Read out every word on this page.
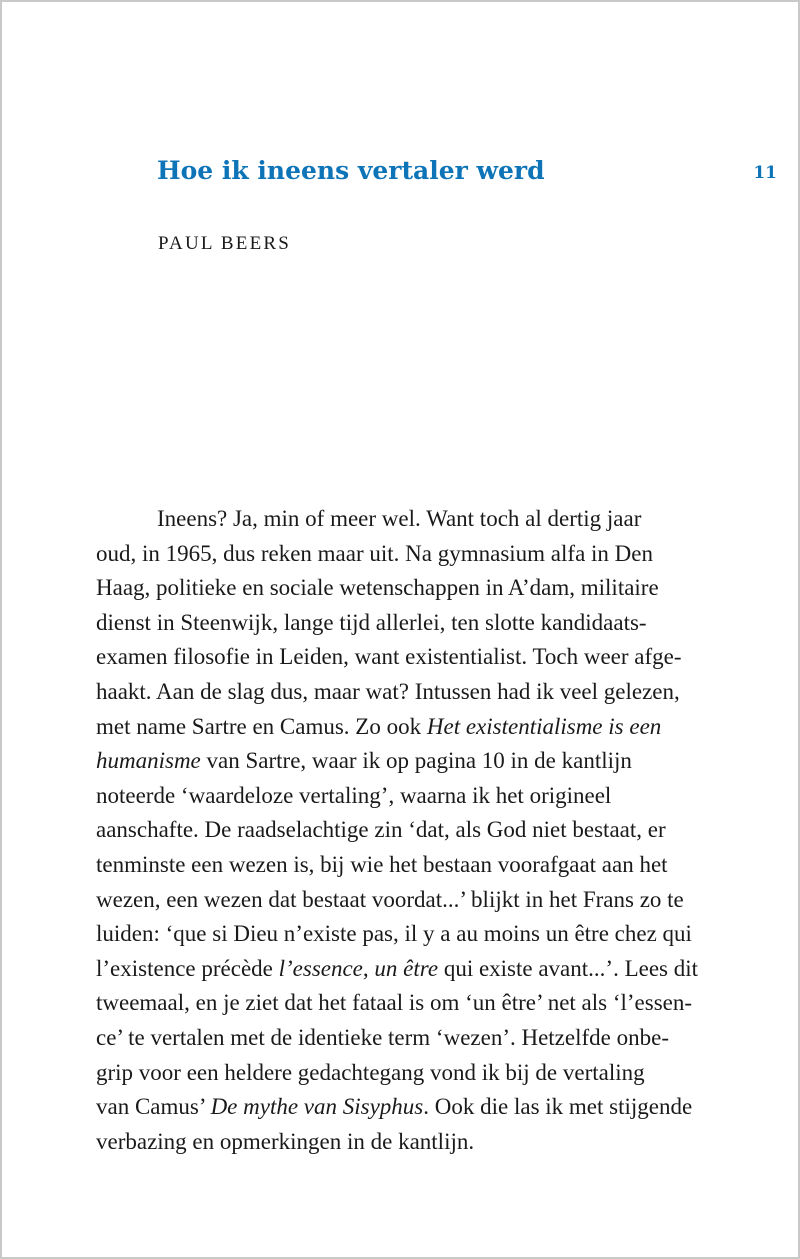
Hoe ik ineens vertaler werd	11
PAUL BEERS
Ineens? Ja, min of meer wel. Want toch al dertig jaar
oud, in 1965, dus reken maar uit. Na gymnasium alfa in Den
Haag, politieke en sociale wetenschappen in A’dam, militaire
dienst in Steenwijk, lange tijd allerlei, ten slotte kandidaats-
examen filosofie in Leiden, want existentialist. Toch weer afge-
haakt. Aan de slag dus, maar wat? Intussen had ik veel gelezen,
met name Sartre en Camus. Zo ook Het existentialisme is een
humanisme van Sartre, waar ik op pagina 10 in de kantlijn
noteerde ‘waardeloze vertaling’, waarna ik het origineel
aanschafte. De raadselachtige zin ‘dat, als God niet bestaat, er
tenminste een wezen is, bij wie het bestaan voorafgaat aan het
wezen, een wezen dat bestaat voordat...’ blijkt in het Frans zo te
luiden: ‘que si Dieu n’existe pas, il y a au moins un être chez qui
l’existence précède l’essence, un être qui existe avant...’. Lees dit
tweemaal, en je ziet dat het fataal is om ‘un être’ net als ‘l’essen-
ce’ te vertalen met de identieke term ‘wezen’. Hetzelfde onbe-
grip voor een heldere gedachtegang vond ik bij de vertaling
van Camus’ De mythe van Sisyphus. Ook die las ik met stijgende
verbazing en opmerkingen in de kantlijn.
